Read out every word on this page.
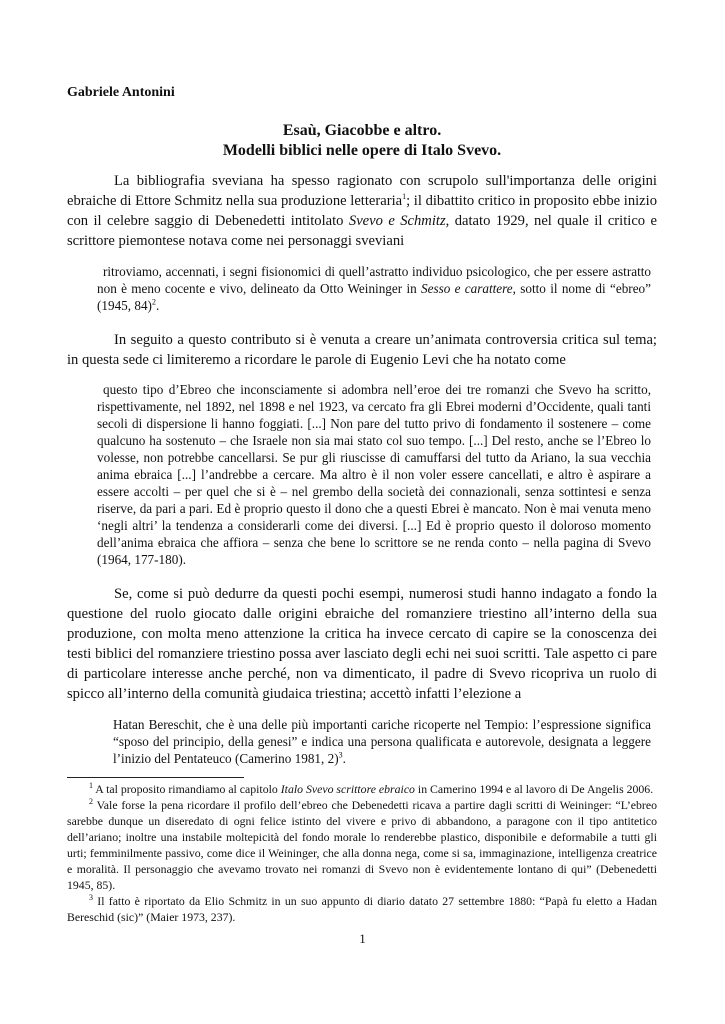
Gabriele Antonini
Esaù, Giacobbe e altro.
Modelli biblici nelle opere di Italo Svevo.

La bibliografia sveviana ha spesso ragionato con scrupolo sull'importanza delle origini ebraiche di Ettore Schmitz nella sua produzione letteraria$^1$; il dibattito critico in proposito ebbe inizio con il celebre saggio di Debenedetti intitolato Svevo e Schmitz, datato 1929, nel quale il critico e scrittore piemontese notava come nei personaggi sveviani

ritroviamo, accennati, i segni fisionomici di quell’astratto individuo psicologico, che per essere astratto non è meno cocente e vivo, delineato da Otto Weininger in Sesso e carattere, sotto il nome di “ebreo” (1945, 84)$^2$.

In seguito a questo contributo si è venuta a creare un’animata controversia critica sul tema; in questa sede ci limiteremo a ricordare le parole di Eugenio Levi che ha notato come

questo tipo d’Ebreo che inconsciamente si adombra nell’eroe dei tre romanzi che Svevo ha scritto, rispettivamente, nel 1892, nel 1898 e nel 1923, va cercato fra gli Ebrei moderni d’Occidente, quali tanti secoli di dispersione li hanno foggiati. [...] Non pare del tutto privo di fondamento il sostenere – come qualcuno ha sostenuto – che Israele non sia mai stato col suo tempo. [...] Del resto, anche se l’Ebreo lo volesse, non potrebbe cancellarsi. Se pur gli riuscisse di camuffarsi del tutto da Ariano, la sua vecchia anima ebraica [...] l’andrebbe a cercare. Ma altro è il non voler essere cancellati, e altro è aspirare a essere accolti – per quel che si è – nel grembo della società dei connazionali, senza sottintesi e senza riserve, da pari a pari. Ed è proprio questo il dono che a questi Ebrei è mancato. Non è mai venuta meno ‘negli altri’ la tendenza a considerarli come dei diversi. [...] Ed è proprio questo il doloroso momento dell’anima ebraica che affiora – senza che bene lo scrittore se ne renda conto – nella pagina di Svevo (1964, 177-180).

Se, come si può dedurre da questi pochi esempi, numerosi studi hanno indagato a fondo la questione del ruolo giocato dalle origini ebraiche del romanziere triestino all’interno della sua produzione, con molta meno attenzione la critica ha invece cercato di capire se la conoscenza dei testi biblici del romanziere triestino possa aver lasciato degli echi nei suoi scritti. Tale aspetto ci pare di particolare interesse anche perché, non va dimenticato, il padre di Svevo ricopriva un ruolo di spicco all’interno della comunità giudaica triestina; accettò infatti l’elezione a

Hatan Bereschit, che è una delle più importanti cariche ricoperte nel Tempio: l’espressione significa “sposo del principio, della genesi” e indica una persona qualificata e autorevole, designata a leggere l’inizio del Pentateuco (Camerino 1981, 2)$^3$.

$^1$ A tal proposito rimandiamo al capitolo Italo Svevo scrittore ebraico in Camerino 1994 e al lavoro di De Angelis 2006.

$^2$ Vale forse la pena ricordare il profilo dell’ebreo che Debenedetti ricava a partire dagli scritti di Weininger: “L’ebreo sarebbe dunque un diseredato di ogni felice istinto del vivere e privo di abbandono, a paragone con il tipo antitetico dell’ariano; inoltre una instabile moltepicità del fondo morale lo renderebbe plastico, disponibile e deformabile a tutti gli urti; femminilmente passivo, come dice il Weininger, che alla donna nega, come si sa, immaginazione, intelligenza creatrice e moralità. Il personaggio che avevamo trovato nei romanzi di Svevo non è evidentemente lontano di qui” (Debenedetti 1945, 85).

$^3$ Il fatto è riportato da Elio Schmitz in un suo appunto di diario datato 27 settembre 1880: “Papà fu eletto a Hadan Bereschid (sic)” (Maier 1973, 237).

1
